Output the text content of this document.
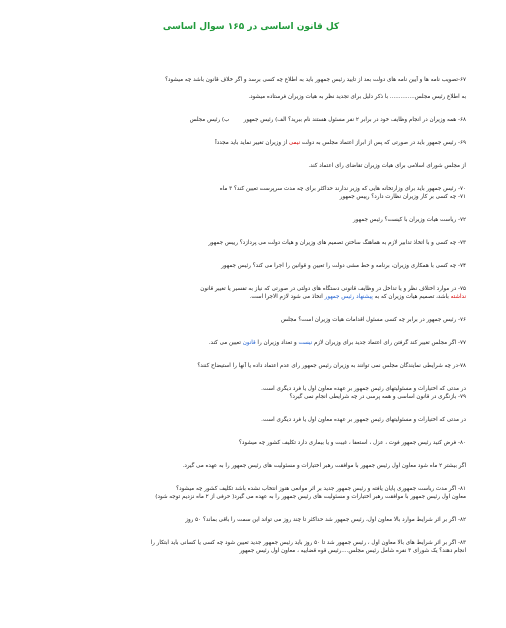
کل قانون اساسی در ۱۶۵ سوال اساسی
۶۷-تصویب نامه ها و آیین نامه های دولت بعد از تایید رئیس جمهور باید به اطلاع چه کسی برسد و اگر خلاف قانون باشد چه میشود؟
به اطلاع رئیس مجلس.............. با ذکر دلیل برای تجدید نظر به هیأت وزیران فرستاده میشود.
۶۸- همه وزیران در انجام وظایف خود در برابر ۲ نفر مسئول هستند نام ببرید؟ الف) رئیس جمهور        ب) رئیس مجلس
۶۹- رئیس جمهور باید در صورتی که پس از ابراز اعتماد مجلس به دولت نیمی از وزیران تغییر نماید باید مجدداً
از مجلس شورای اسلامی برای هیأت وزیران تقاضای رای اعتماد کند.
۷۰- رئیس جمهور باید برای وزارتخانه هایی که وزیر ندارند حداکثر برای چه مدت سرپرست تعیین کند؟ ۳ ماه
۷۱- چه کسی بر کار وزیران نظارت دارد؟ رییس جمهور
۷۲- ریاست هیأت وزیران با کیست؟ رئیس جمهور
۷۳- چه کسی و با اتخاذ تدابیر لازم به هماهنگ ساختن تصمیم های وزیران و هیأت دولت می پردازد؟ رییس جمهور
۷۴- چه کسی با همکاری وزیران، برنامه و خط مشی دولت را تعیین و قوانین را اجرا می کند؟ رئیس جمهور
۷۵- در موارد اختلاف نظر و یا تداخل در وظایف قانونی دستگاه های دولتی در صورتی که نیاز به تفسیر یا تغییر قانون
نداشته باشد، تصمیم هیأت وزیران که به پیشنهاد رئیس جمهور اتخاذ می شود لازم الاجرا است.
۷۶- رئیس جمهور در برابر چه کسی مسئول اقدامات هیأت وزیران است؟ مجلس
۷۷- اگر مجلس تغییر کند گرفتن رای اعتماد جدید برای وزیران لازم نیست و تعداد وزیران را قانون تعیین می کند.
۷۸-در چه شرایطی نمایندگان مجلس نمی توانند به وزیران رئیس جمهور رای عدم اعتماد داده یا آنها را استیضاح کنند؟
در مدتی که اختیارات و مسئولیتهای رئیس جمهور بر عهده معاون اول یا فرد دیگری است.
۷۹- بازنگری در قانون اساسی و همه پرسی در چه شرایطی انجام نمی گیرد؟
در مدتی که اختیارات و مسئولیتهای رئیس جمهور بر عهده معاون اول یا فرد دیگری است.
۸۰- فرض کنید رئیس جمهور فوت ، عزل ، استعفا ، غیبت و یا بیماری دارد تکلیف کشور چه میشود؟
اگر بیشتر ۲ ماه شود معاون اول رئیس جمهور با موافقت رهبر اختیارات و مسئولیت های رئیس جمهور را به عهده می گیرد.
۸۱- اگر مدت ریاست جمهوری پایان یافته و رئیس جمهور جدید بر اثر موانعی هنوز انتخاب نشده باشد تکلیف کشور چه میشود؟
معاون اول رئیس جمهور با موافقت رهبر اختیارات و مسئولیت های رئیس جمهور را به عهده می گیرد( حرفی از ۲ ماه نزدیم توجه شود)
۸۲- اگر بر اثر شرایط موارد بالا معاون اول، رئیس جمهور شد حداکثر تا چند روز می تواند این سمت را باقی بماند؟ ۵۰ روز
۸۳- اگر بر اثر شرایط های بالا معاون اول ، رئیس جمهور شد تا ۵۰ روز باید رئیس جمهور جدید تعیین شود چه کسی یا کسانی باید ابتکار را
انجام دهند؟ یک شورای ۳ نفره شامل رئیس مجلس....رئیس قوه قضاییه ، معاون اول رئیس جمهور
